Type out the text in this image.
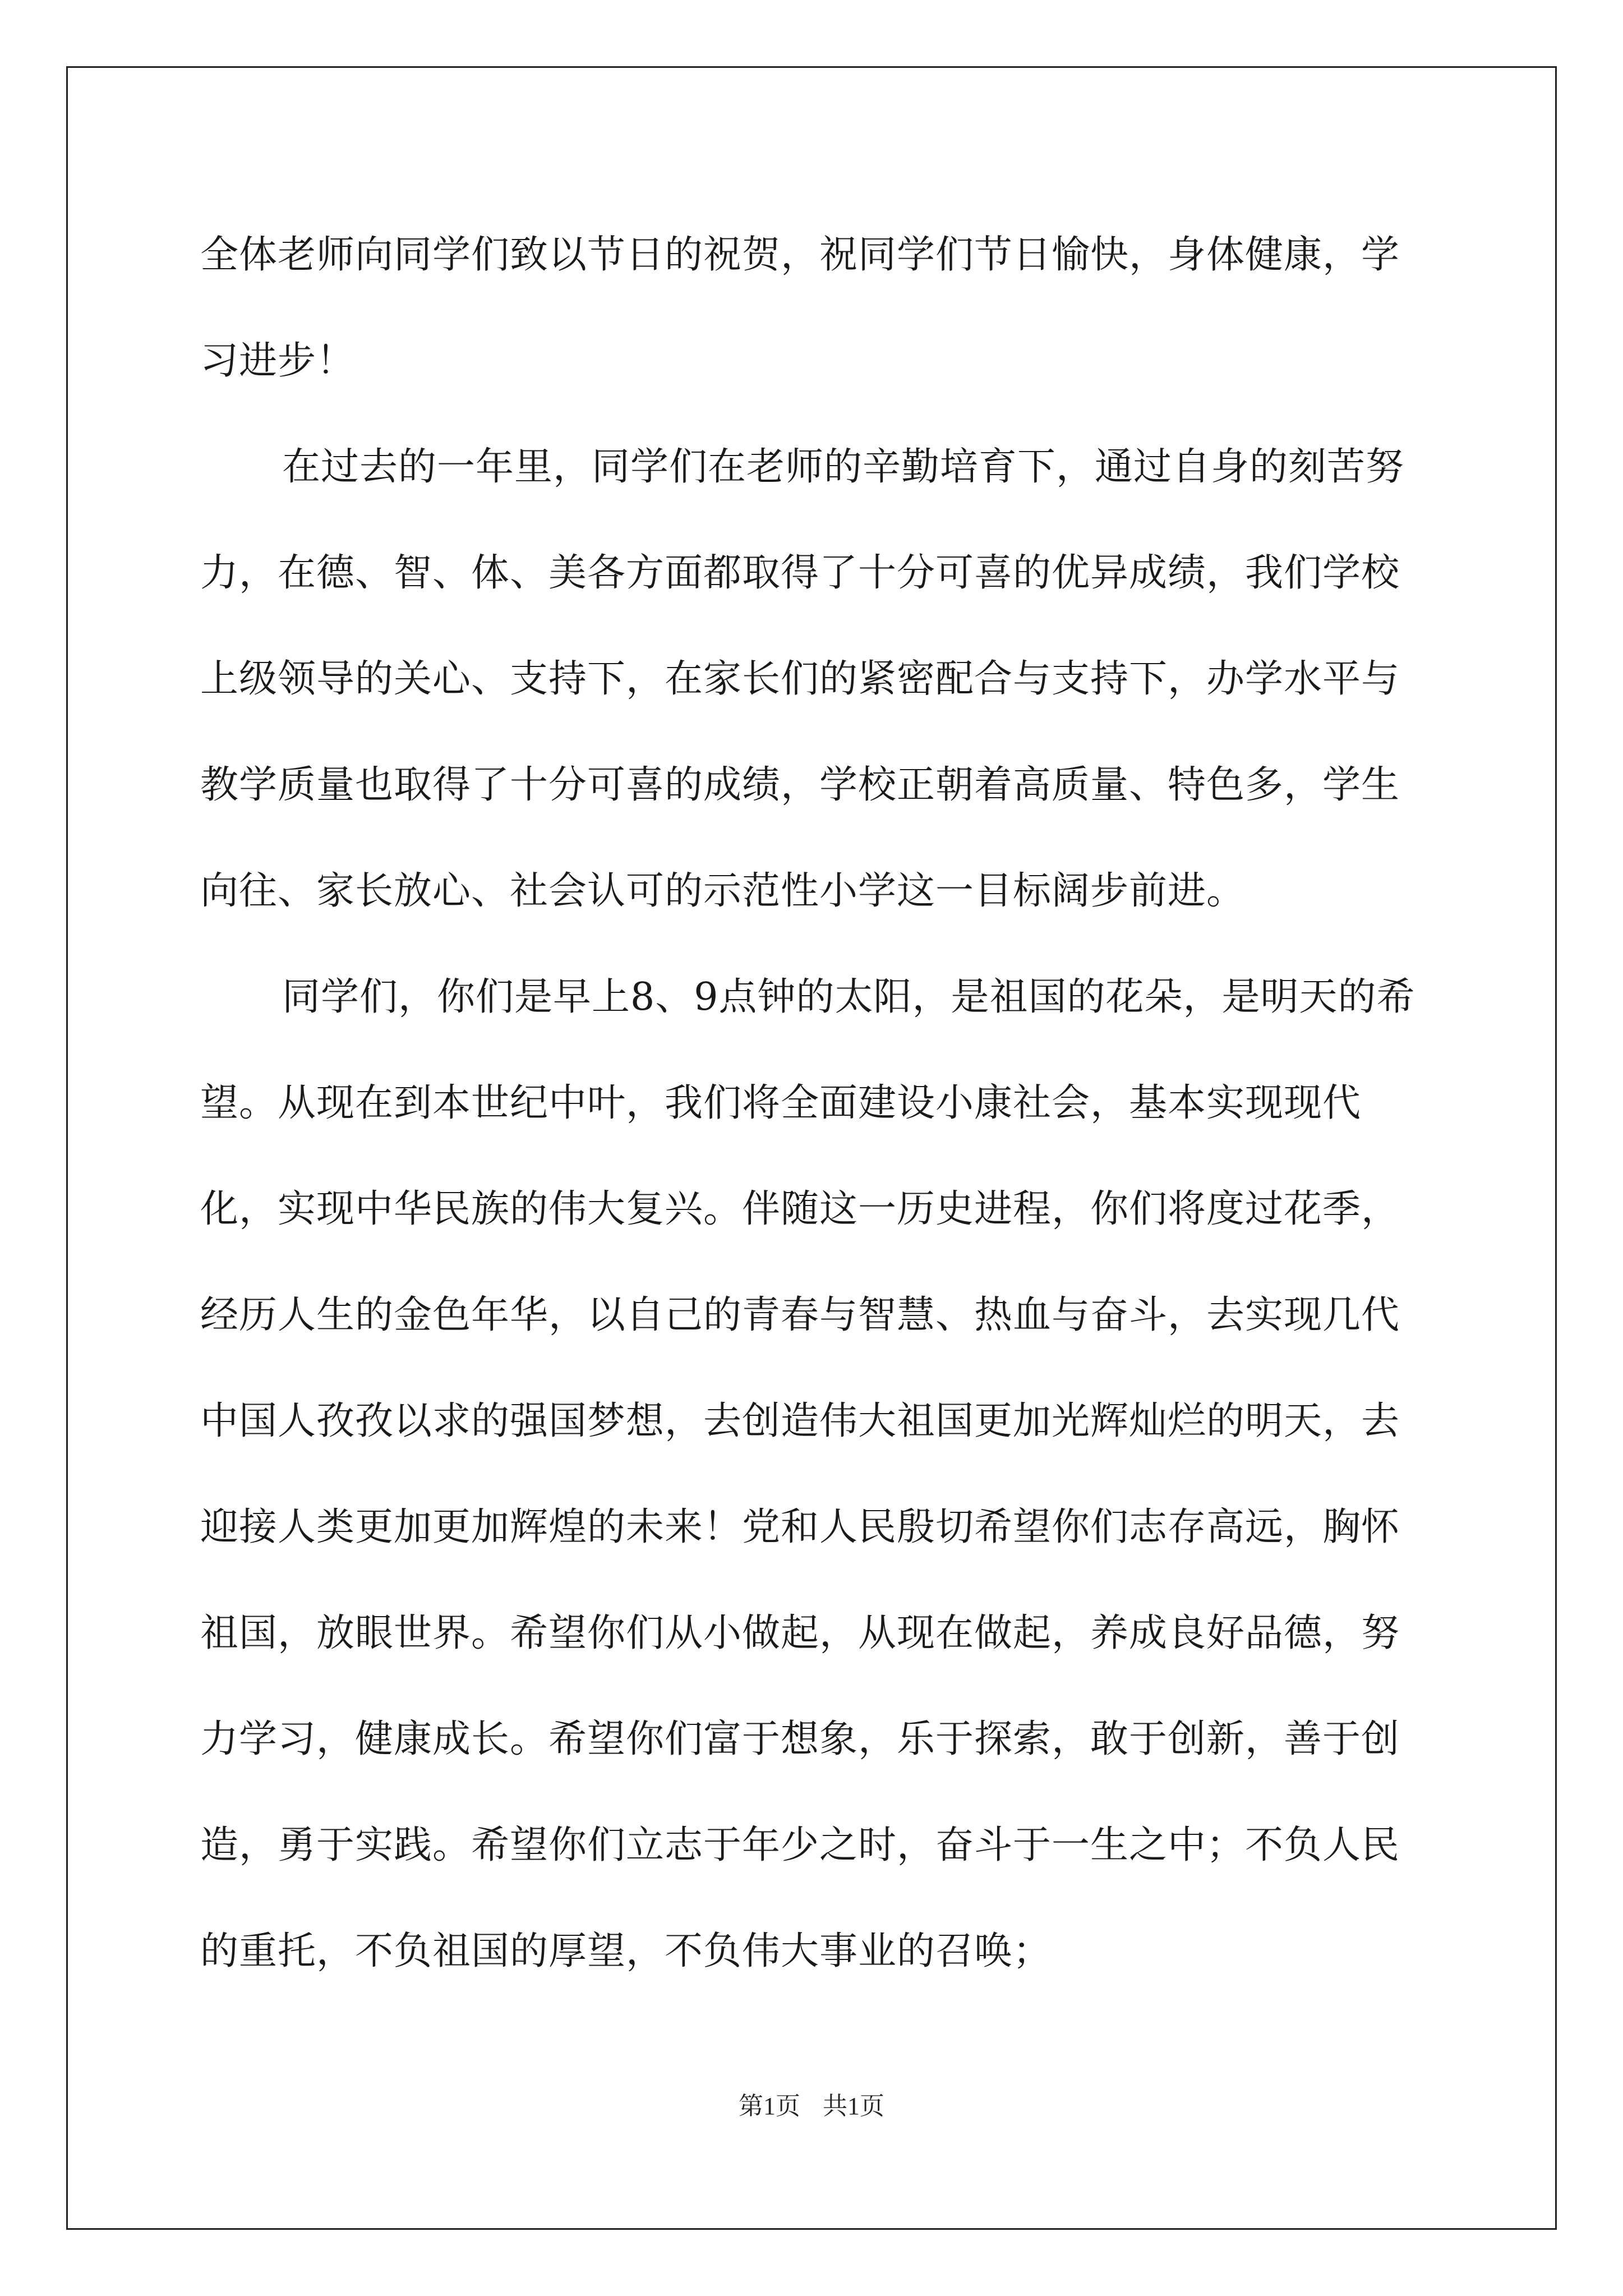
全体老师向同学们致以节日的祝贺，祝同学们节日愉快，身体健康，学习进步！

在过去的一年里，同学们在老师的辛勤培育下，通过自身的刻苦努力，在德、智、体、美各方面都取得了十分可喜的优异成绩，我们学校上级领导的关心、支持下，在家长们的紧密配合与支持下，办学水平与教学质量也取得了十分可喜的成绩，学校正朝着高质量、特色多，学生向往、家长放心、社会认可的示范性小学这一目标阔步前进。

同学们，你们是早上8、9点钟的太阳，是祖国的花朵，是明天的希望。从现在到本世纪中叶，我们将全面建设小康社会，基本实现现代化，实现中华民族的伟大复兴。伴随这一历史进程，你们将度过花季，经历人生的金色年华，以自己的青春与智慧、热血与奋斗，去实现几代中国人孜孜以求的强国梦想，去创造伟大祖国更加光辉灿烂的明天，去迎接人类更加更加辉煌的未来！党和人民殷切希望你们志存高远，胸怀祖国，放眼世界。希望你们从小做起，从现在做起，养成良好品德，努力学习，健康成长。希望你们富于想象，乐于探索，敢于创新，善于创造，勇于实践。希望你们立志于年少之时，奋斗于一生之中；不负人民的重托，不负祖国的厚望，不负伟大事业的召唤；

第1页 共1页
